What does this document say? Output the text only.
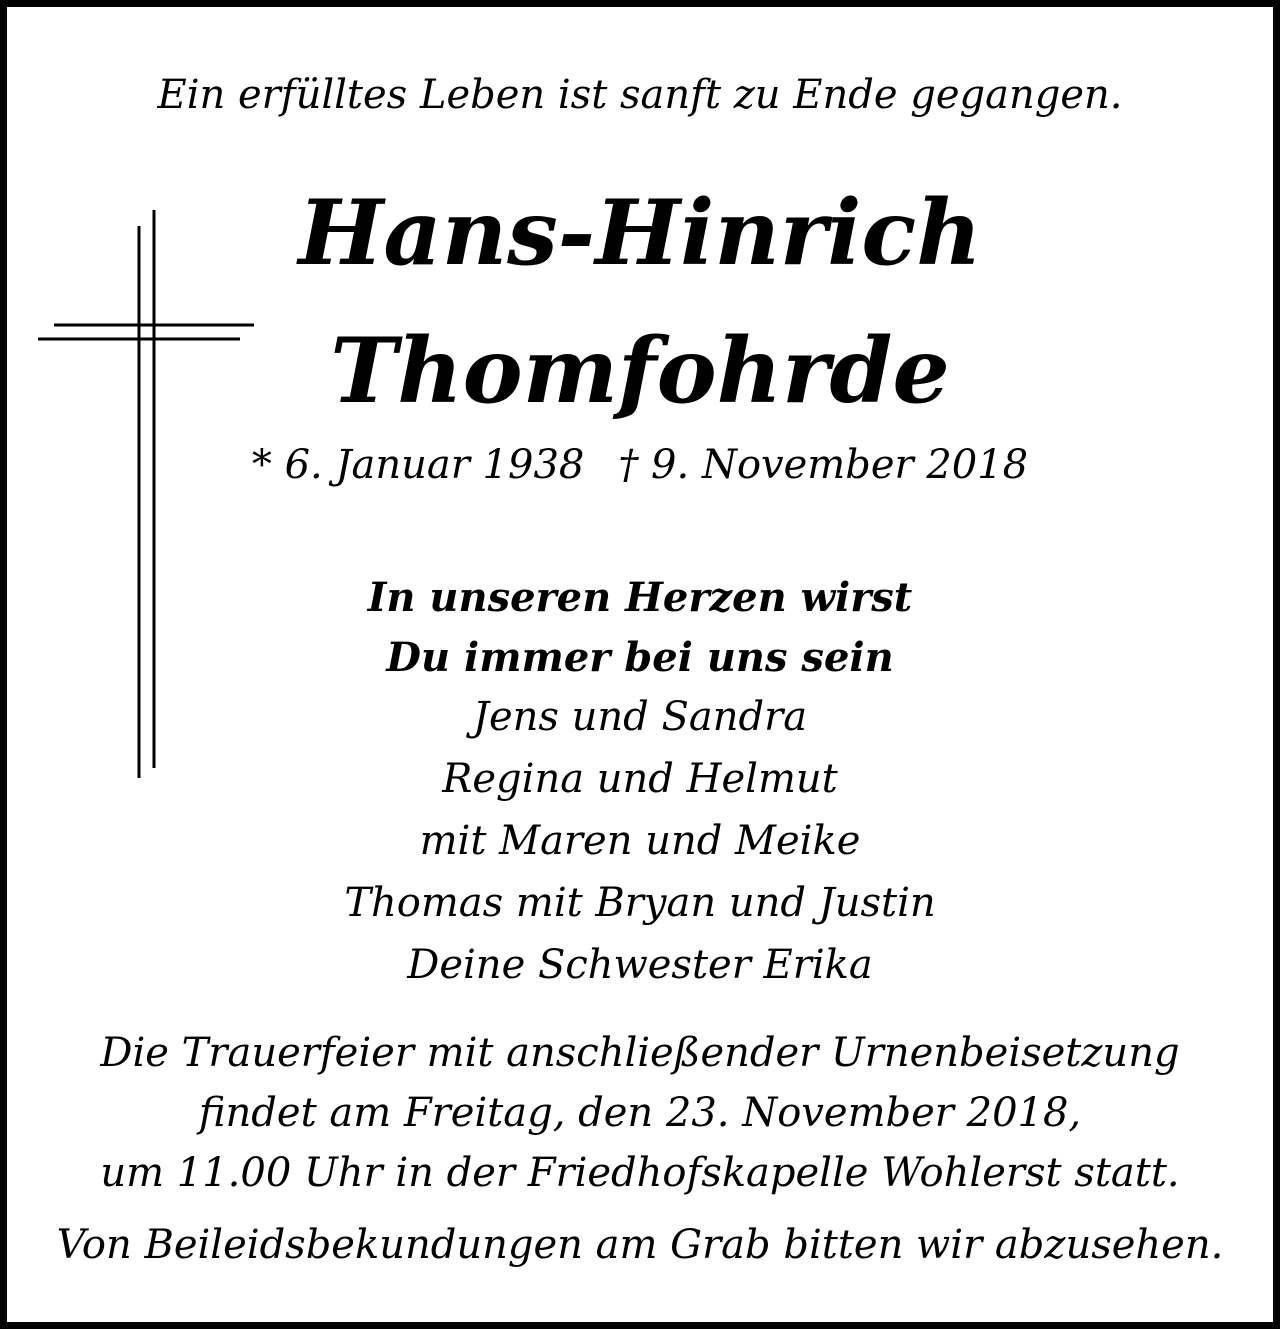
Ein erfülltes Leben ist sanft zu Ende gegangen.

Hans-Hinrich

Thomfohrde

* 6. Januar 1938 † 9. November 2018

In unseren Herzen wirst

Du immer bei uns sein

Jens und Sandra

Regina und Helmut

mit Maren und Meike

Thomas mit Bryan und Justin

Deine Schwester Erika

Die Trauerfeier mit anschließender Urnenbeisetzung

findet am Freitag, den 23. November 2018,

um 11.00 Uhr in der Friedhofskapelle Wohlerst statt.

Von Beileidsbekundungen am Grab bitten wir abzusehen.
